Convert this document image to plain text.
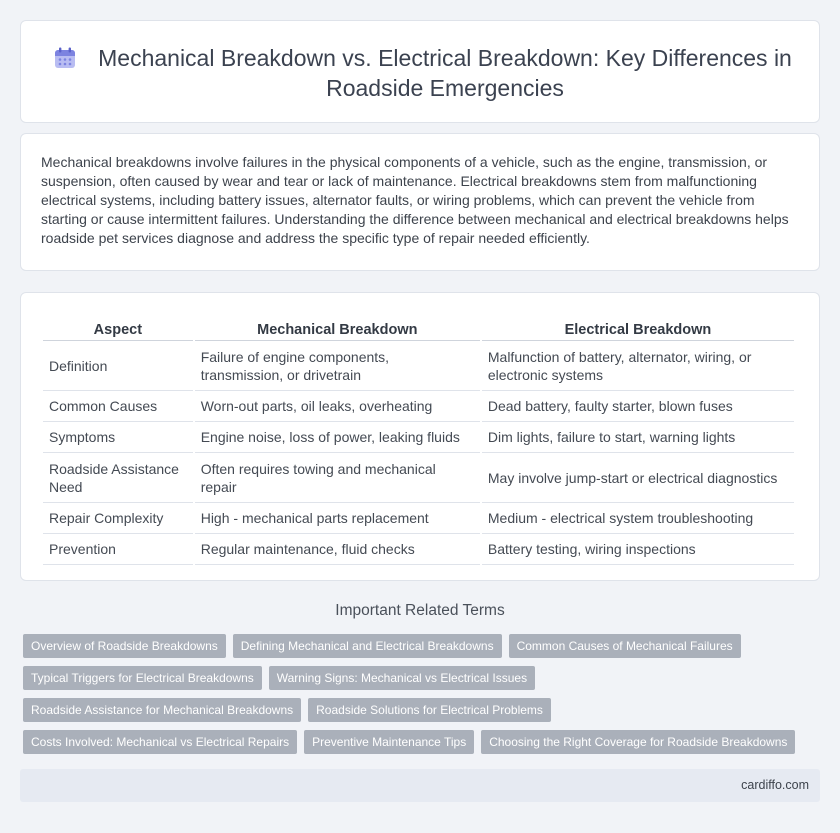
Mechanical Breakdown vs. Electrical Breakdown: Key Differences in Roadside Emergencies

Mechanical breakdowns involve failures in the physical components of a vehicle, such as the engine, transmission, or suspension, often caused by wear and tear or lack of maintenance. Electrical breakdowns stem from malfunctioning electrical systems, including battery issues, alternator faults, or wiring problems, which can prevent the vehicle from starting or cause intermittent failures. Understanding the difference between mechanical and electrical breakdowns helps roadside pet services diagnose and address the specific type of repair needed efficiently.

Aspect	Mechanical Breakdown	Electrical Breakdown
Definition	Failure of engine components, transmission, or drivetrain	Malfunction of battery, alternator, wiring, or electronic systems
Common Causes	Worn-out parts, oil leaks, overheating	Dead battery, faulty starter, blown fuses
Symptoms	Engine noise, loss of power, leaking fluids	Dim lights, failure to start, warning lights
Roadside Assistance Need	Often requires towing and mechanical repair	May involve jump-start or electrical diagnostics
Repair Complexity	High - mechanical parts replacement	Medium - electrical system troubleshooting
Prevention	Regular maintenance, fluid checks	Battery testing, wiring inspections
Important Related Terms
Overview of Roadside Breakdowns	Defining Mechanical and Electrical Breakdowns	Common Causes of Mechanical Failures
Typical Triggers for Electrical Breakdowns	Warning Signs: Mechanical vs Electrical Issues
Roadside Assistance for Mechanical Breakdowns	Roadside Solutions for Electrical Problems
Costs Involved: Mechanical vs Electrical Repairs	Preventive Maintenance Tips	Choosing the Right Coverage for Roadside Breakdowns
cardiffo.com
